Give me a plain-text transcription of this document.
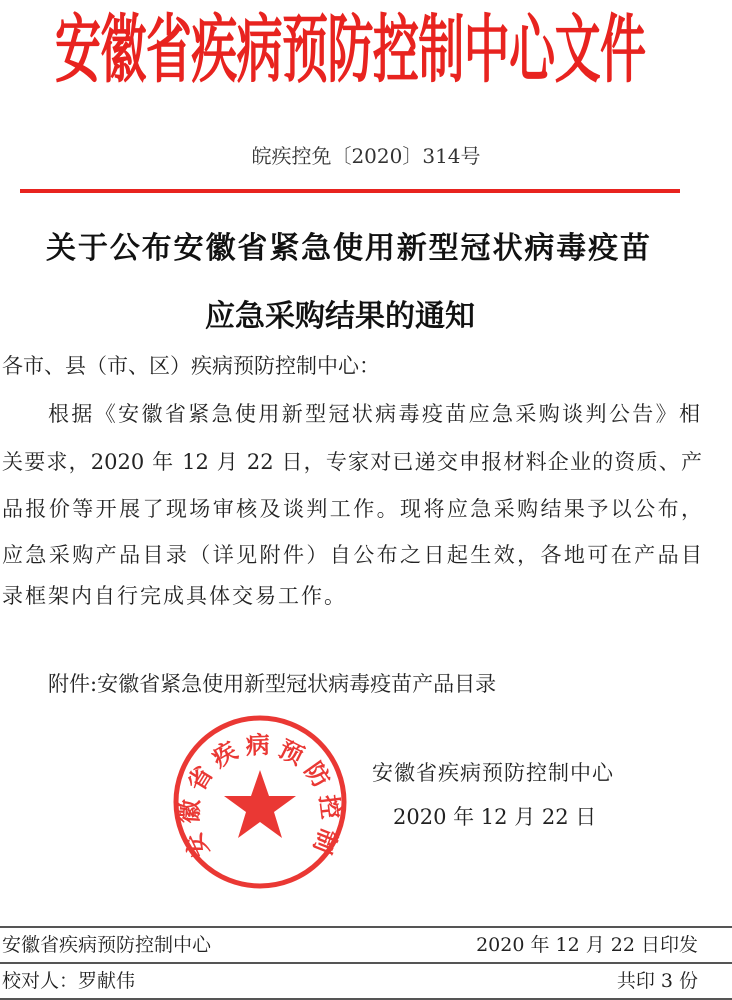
安徽省疾病预防控制中心文件
皖疾控免〔2020〕314号
关于公布安徽省紧急使用新型冠状病毒疫苗
应急采购结果的通知
各市、县（市、区）疾病预防控制中心：
根据《安徽省紧急使用新型冠状病毒疫苗应急采购谈判公告》相
关要求，2020 年 12 月 22 日，专家对已递交申报材料企业的资质、产
品报价等开展了现场审核及谈判工作。现将应急采购结果予以公布，
应急采购产品目录（详见附件）自公布之日起生效，各地可在产品目
录框架内自行完成具体交易工作。
附件:安徽省紧急使用新型冠状病毒疫苗产品目录
安徽省疾病预防控制
安徽省疾病预防控制中心
2020 年 12 月 22 日
安徽省疾病预防控制中心	2020 年 12 月 22 日印发
校对人：罗献伟	共印 3 份
